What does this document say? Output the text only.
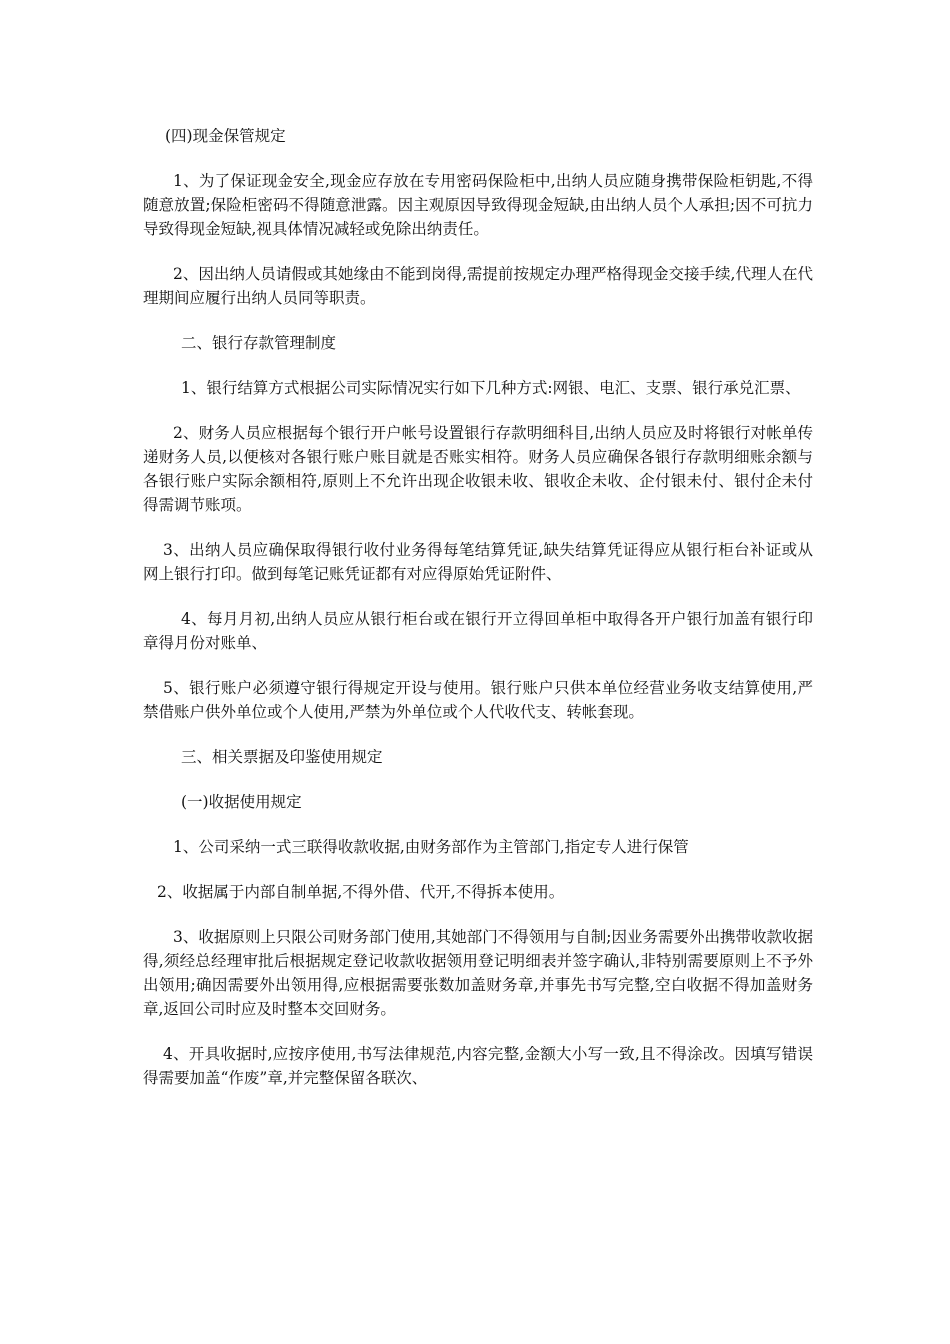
(四)现金保管规定

1、为了保证现金安全,现金应存放在专用密码保险柜中,出纳人员应随身携带保险柜钥匙,不得随意放置;保险柜密码不得随意泄露。因主观原因导致得现金短缺,由出纳人员个人承担;因不可抗力导致得现金短缺,视具体情况减轻或免除出纳责任。

2、因出纳人员请假或其她缘由不能到岗得,需提前按规定办理严格得现金交接手续,代理人在代理期间应履行出纳人员同等职责。

二、银行存款管理制度

1、银行结算方式根据公司实际情况实行如下几种方式:网银、电汇、支票、银行承兑汇票、

2、财务人员应根据每个银行开户帐号设置银行存款明细科目,出纳人员应及时将银行对帐单传递财务人员,以便核对各银行账户账目就是否账实相符。财务人员应确保各银行存款明细账余额与各银行账户实际余额相符,原则上不允许出现企收银未收、银收企未收、企付银未付、银付企未付得需调节账项。

3、出纳人员应确保取得银行收付业务得每笔结算凭证,缺失结算凭证得应从银行柜台补证或从网上银行打印。做到每笔记账凭证都有对应得原始凭证附件、

4、每月月初,出纳人员应从银行柜台或在银行开立得回单柜中取得各开户银行加盖有银行印章得月份对账单、

5、银行账户必须遵守银行得规定开设与使用。银行账户只供本单位经营业务收支结算使用,严禁借账户供外单位或个人使用,严禁为外单位或个人代收代支、转帐套现。

三、相关票据及印鉴使用规定

(一)收据使用规定

1、公司采纳一式三联得收款收据,由财务部作为主管部门,指定专人进行保管

2、收据属于内部自制单据,不得外借、代开,不得拆本使用。

3、收据原则上只限公司财务部门使用,其她部门不得领用与自制;因业务需要外出携带收款收据得,须经总经理审批后根据规定登记收款收据领用登记明细表并签字确认,非特别需要原则上不予外出领用;确因需要外出领用得,应根据需要张数加盖财务章,并事先书写完整,空白收据不得加盖财务章,返回公司时应及时整本交回财务。

4、开具收据时,应按序使用,书写法律规范,内容完整,金额大小写一致,且不得涂改。因填写错误得需要加盖“作废”章,并完整保留各联次、
